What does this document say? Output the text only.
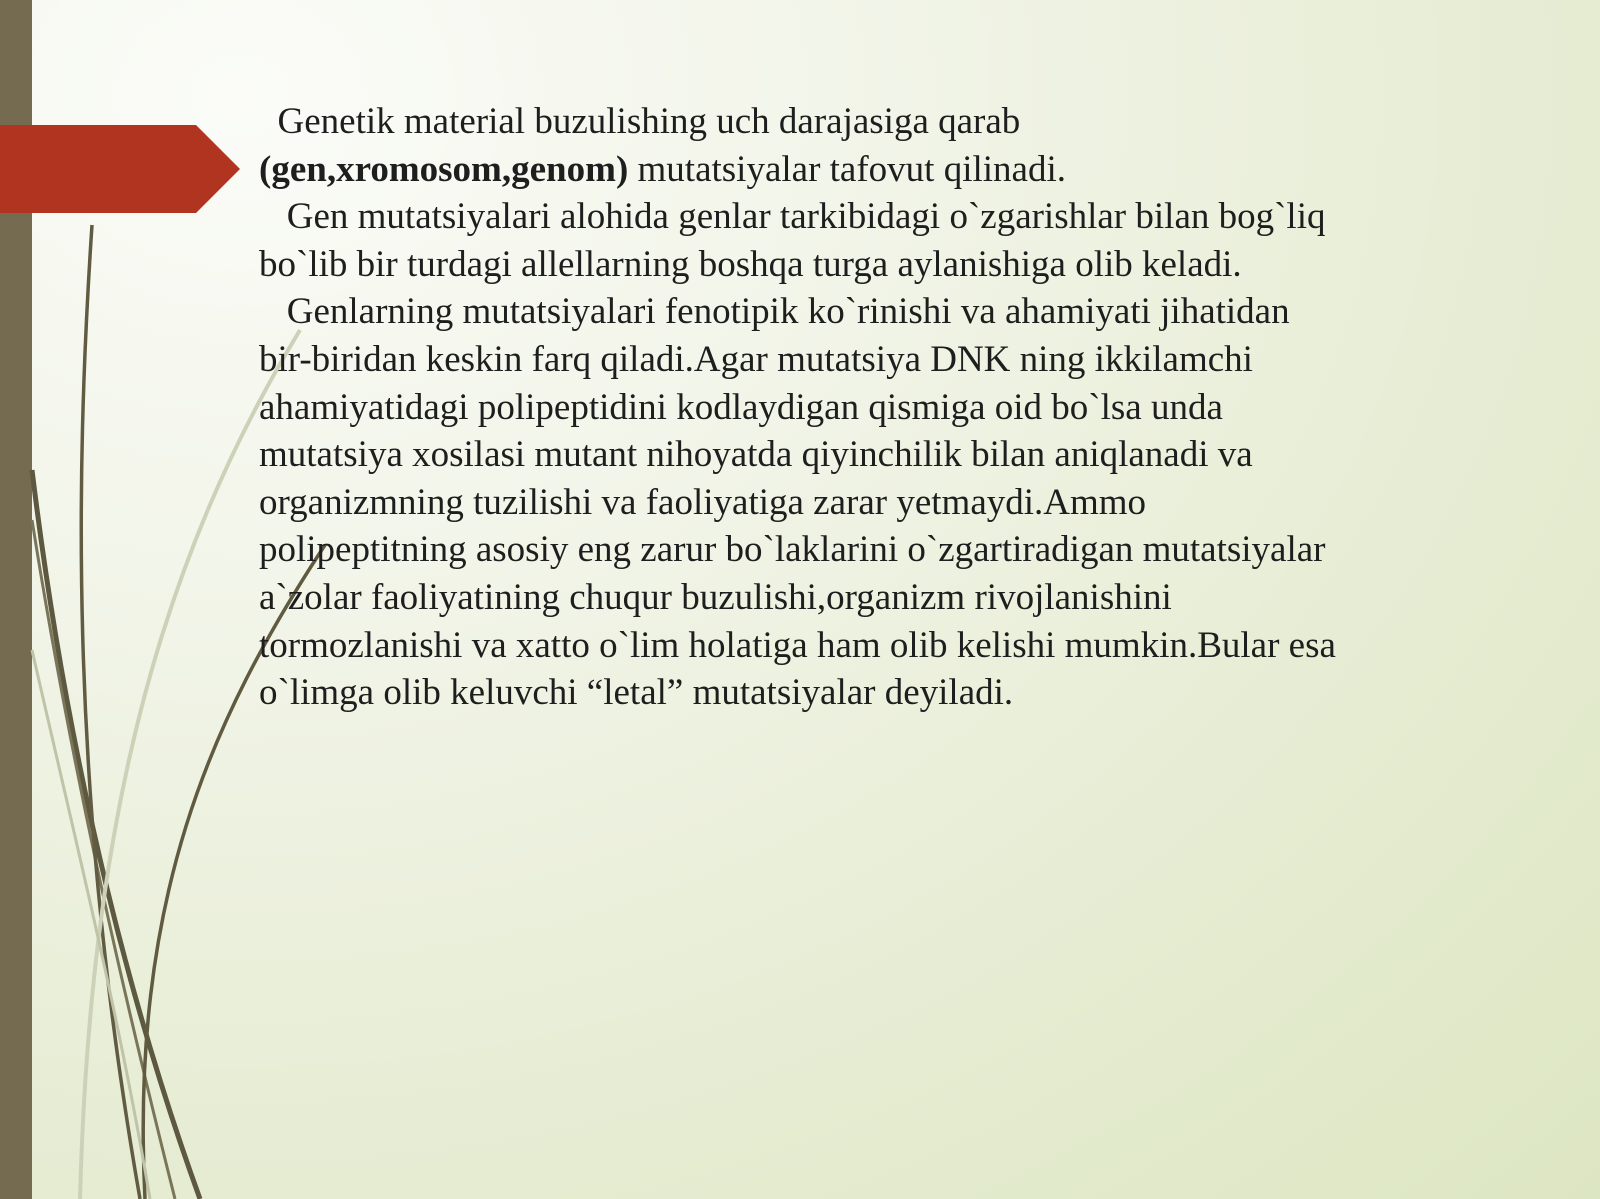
Genetik material buzulishing uch darajasiga qarab (gen,xromosom,genom) mutatsiyalar tafovut qilinadi.

Gen mutatsiyalari alohida genlar tarkibidagi o`zgarishlar bilan bog`liq bo`lib bir turdagi allellarning boshqa turga aylanishiga olib keladi.

Genlarning mutatsiyalari fenotipik ko`rinishi va ahamiyati jihatidan bir-biridan keskin farq qiladi.Agar mutatsiya DNK ning ikkilamchi ahamiyatidagi polipeptidini kodlaydigan qismiga oid bo`lsa unda mutatsiya xosilasi mutant nihoyatda qiyinchilik bilan aniqlanadi va organizmning tuzilishi va faoliyatiga zarar yetmaydi.Ammo polipeptitning asosiy eng zarur bo`laklarini o`zgartiradigan mutatsiyalar a`zolar faoliyatining chuqur buzulishi,organizm rivojlanishini tormozlanishi va xatto o`lim holatiga ham olib kelishi mumkin.Bular esa o`limga olib keluvchi “letal” mutatsiyalar deyiladi.
